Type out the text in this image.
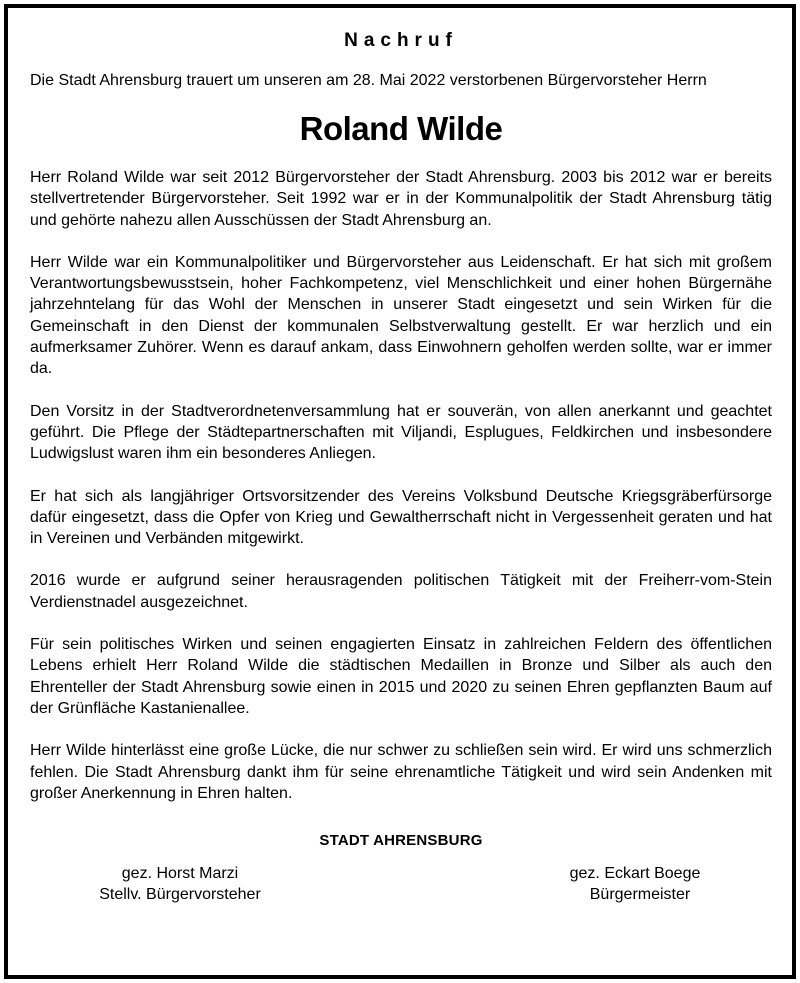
Nachruf

Die Stadt Ahrensburg trauert um unseren am 28. Mai 2022 verstorbenen Bürgervorsteher Herrn

Roland Wilde

Herr Roland Wilde war seit 2012 Bürgervorsteher der Stadt Ahrensburg. 2003 bis 2012 war er bereits stellvertretender Bürgervorsteher. Seit 1992 war er in der Kommunalpolitik der Stadt Ahrensburg tätig und gehörte nahezu allen Ausschüssen der Stadt Ahrensburg an.

Herr Wilde war ein Kommunalpolitiker und Bürgervorsteher aus Leidenschaft. Er hat sich mit großem Verantwortungsbewusstsein, hoher Fachkompetenz, viel Menschlichkeit und einer hohen Bürgernähe jahrzehntelang für das Wohl der Menschen in unserer Stadt eingesetzt und sein Wirken für die Gemeinschaft in den Dienst der kommunalen Selbstverwaltung gestellt. Er war herzlich und ein aufmerksamer Zuhörer. Wenn es darauf ankam, dass Einwohnern geholfen werden sollte, war er immer da.

Den Vorsitz in der Stadtverordnetenversammlung hat er souverän, von allen anerkannt und geachtet geführt. Die Pflege der Städtepartnerschaften mit Viljandi, Esplugues, Feldkirchen und insbesondere Ludwigslust waren ihm ein besonderes Anliegen.

Er hat sich als langjähriger Ortsvorsitzender des Vereins Volksbund Deutsche Kriegsgräberfürsorge dafür eingesetzt, dass die Opfer von Krieg und Gewaltherrschaft nicht in Vergessenheit geraten und hat in Vereinen und Verbänden mitgewirkt.

2016 wurde er aufgrund seiner herausragenden politischen Tätigkeit mit der Freiherr-vom-Stein Verdienstnadel ausgezeichnet.

Für sein politisches Wirken und seinen engagierten Einsatz in zahlreichen Feldern des öffentlichen Lebens erhielt Herr Roland Wilde die städtischen Medaillen in Bronze und Silber als auch den Ehrenteller der Stadt Ahrensburg sowie einen in 2015 und 2020 zu seinen Ehren gepflanzten Baum auf der Grünfläche Kastanienallee.

Herr Wilde hinterlässt eine große Lücke, die nur schwer zu schließen sein wird. Er wird uns schmerzlich fehlen. Die Stadt Ahrensburg dankt ihm für seine ehrenamtliche Tätigkeit und wird sein Andenken mit großer Anerkennung in Ehren halten.

STADT AHRENSBURG
gez. Horst Marzi
Stellv. Bürgervorsteher
gez. Eckart Boege
Bürgermeister
